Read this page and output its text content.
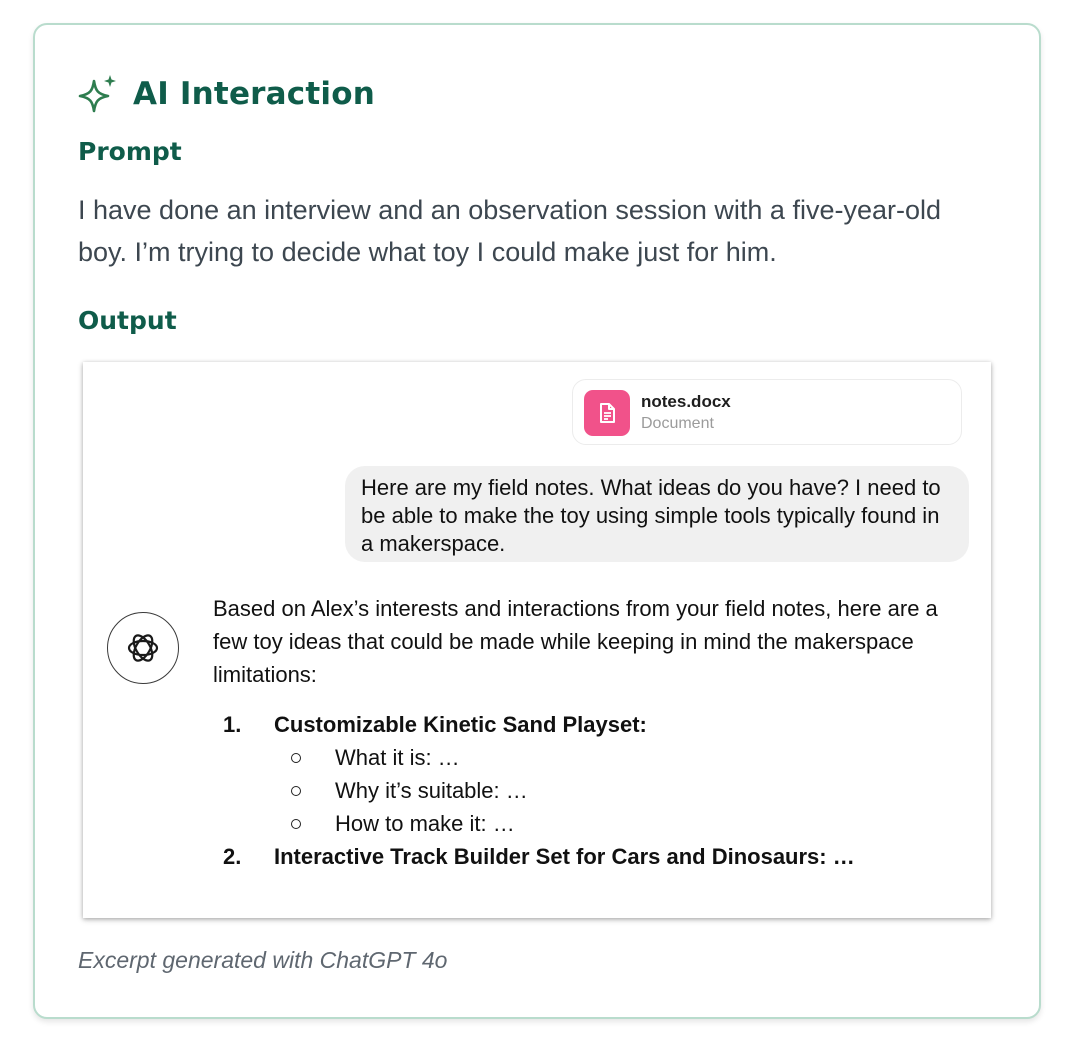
AI Interaction
Prompt
I have done an interview and an observation session with a five-year-old boy. I’m trying to decide what toy I could make just for him.
Output
notes.docx
Document
Here are my field notes. What ideas do you have? I need to be able to make the toy using simple tools typically found in a makerspace.
Based on Alex’s interests and interactions from your field notes, here are a few toy ideas that could be made while keeping in mind the makerspace limitations:
1.	Customizable Kinetic Sand Playset:
What it is: …
Why it’s suitable: …
How to make it: …
2.	Interactive Track Builder Set for Cars and Dinosaurs: …
Excerpt generated with ChatGPT 4o
